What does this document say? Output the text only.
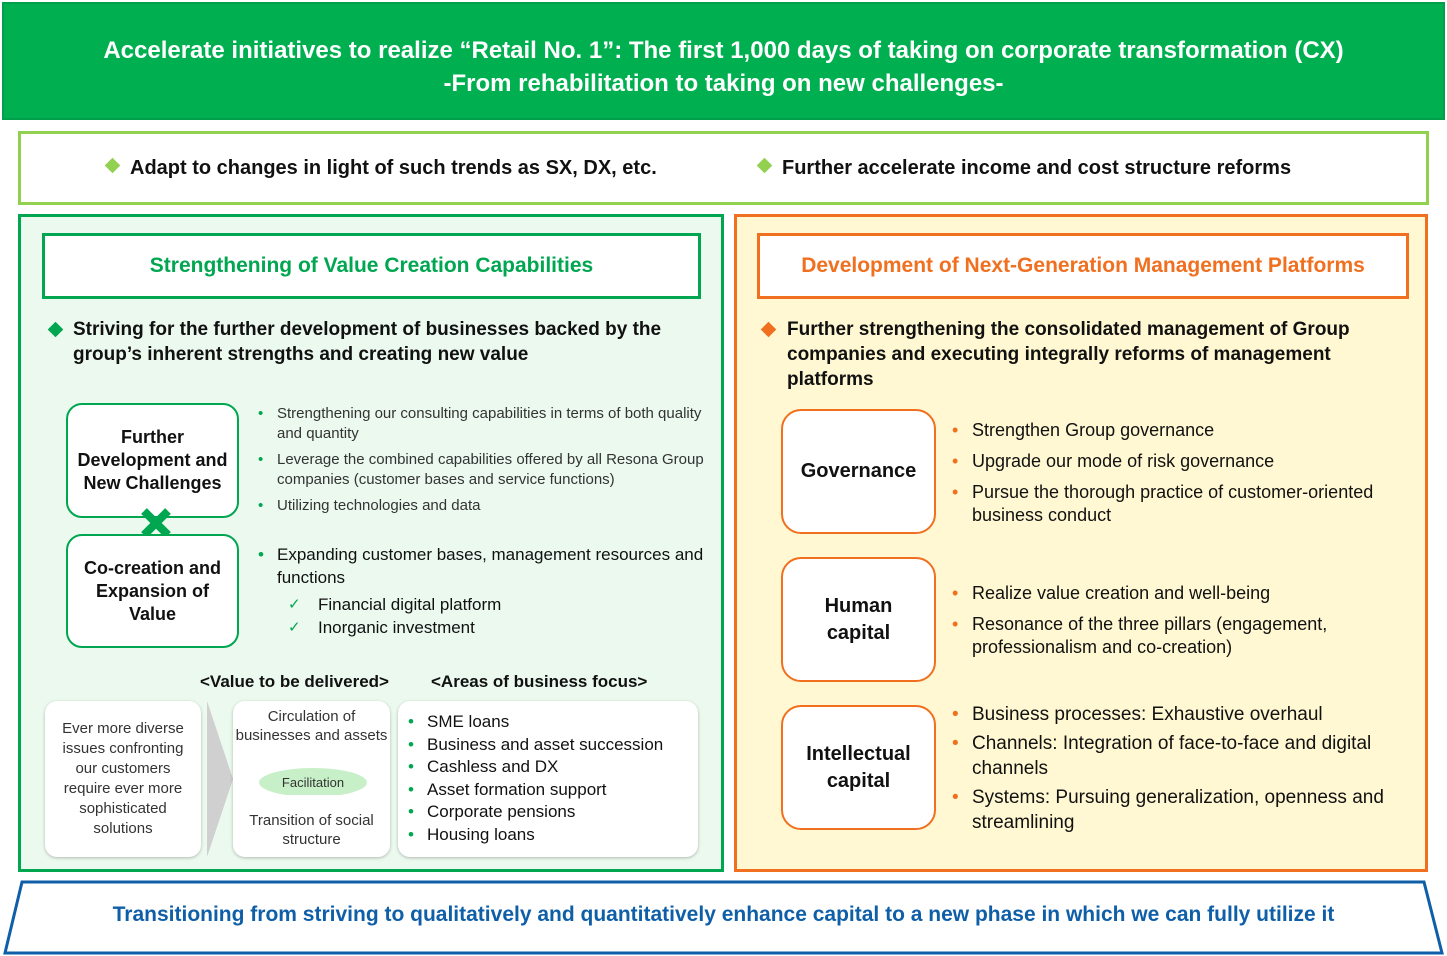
Accelerate initiatives to realize “Retail No. 1”: The first 1,000 days of taking on corporate transformation (CX)
-From rehabilitation to taking on new challenges-
Adapt to changes in light of such trends as SX, DX, etc.	Further accelerate income and cost structure reforms
Strengthening of Value Creation Capabilities
Striving for the further development of businesses backed by the group’s inherent strengths and creating new value
Further Development and New Challenges
Co-creation and Expansion of Value
• Strengthening our consulting capabilities in terms of both quality and quantity
• Leverage the combined capabilities offered by all Resona Group companies (customer bases and service functions)
• Utilizing technologies and data
• Expanding customer bases, management resources and functions
✓ Financial digital platform
✓ Inorganic investment
<Value to be delivered> <Areas of business focus>
Ever more diverse issues confronting our customers require ever more sophisticated solutions
Circulation of businesses and assets
Facilitation
Transition of social structure
• SME loans
• Business and asset succession
• Cashless and DX
• Asset formation support
• Corporate pensions
• Housing loans
Development of Next-Generation Management Platforms
Further strengthening the consolidated management of Group companies and executing integrally reforms of management platforms
Governance
• Strengthen Group governance
• Upgrade our mode of risk governance
• Pursue the thorough practice of customer-oriented business conduct
Human capital
• Realize value creation and well-being
• Resonance of the three pillars (engagement, professionalism and co-creation)
Intellectual capital
• Business processes: Exhaustive overhaul
• Channels: Integration of face-to-face and digital channels
• Systems: Pursuing generalization, openness and streamlining
Transitioning from striving to qualitatively and quantitatively enhance capital to a new phase in which we can fully utilize it
